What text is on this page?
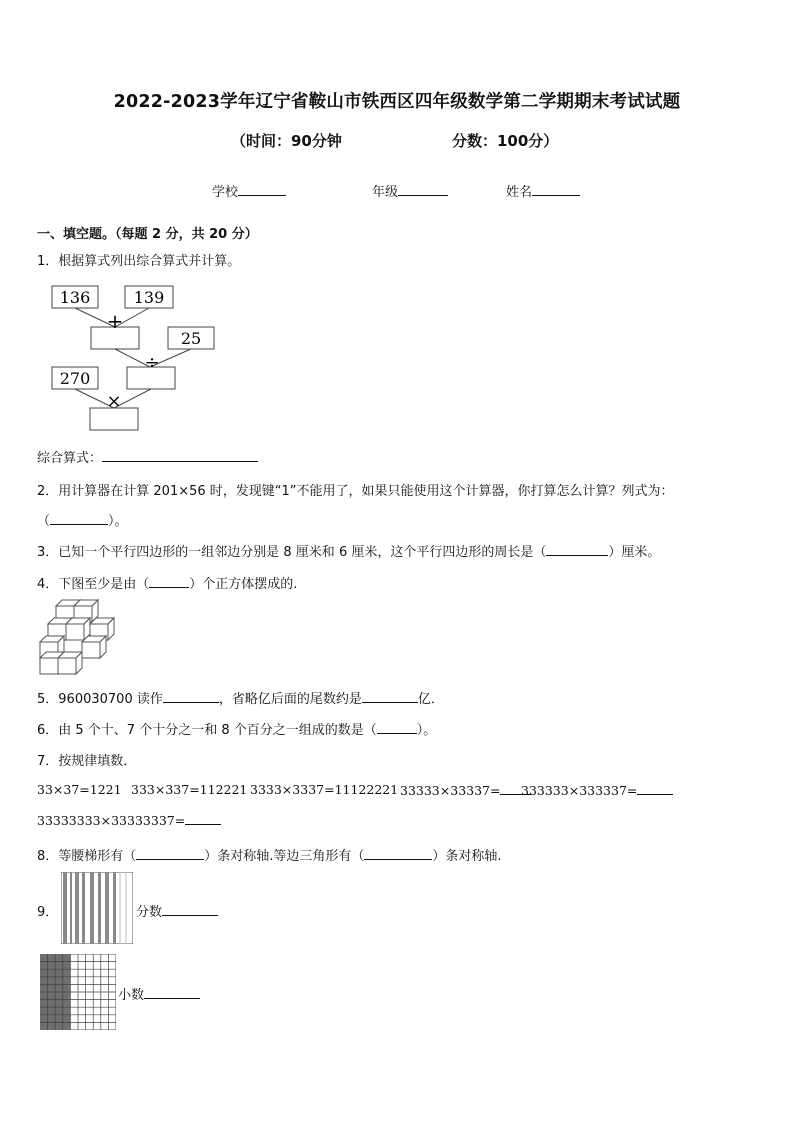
2022-2023学年辽宁省鞍山市铁西区四年级数学第二学期期末考试试题
（时间：90分钟	分数：100分）
学校	年级	姓名
一、填空题。（每题 2 分，共 20 分）
1．根据算式列出综合算式并计算。
136	139
+
25
÷
270
×
综合算式：
2．用计算器在计算 201×56 时，发现键“1”不能用了，如果只能使用这个计算器，你打算怎么计算？列式为：
（	）。
3．已知一个平行四边形的一组邻边分别是 8 厘米和 6 厘米，这个平行四边形的周长是（	）厘米。
4．下图至少是由（	）个正方体摆成的.
5．960030700 读作	，省略亿后面的尾数约是	亿．
6．由 5 个十、7 个十分之一和 8 个百分之一组成的数是（	）。
7．按规律填数．
33×37=1221 333×337=112221 3333×3337=11122221 33333×33337=	333333×333337=
33333333×33333337=
8．等腰梯形有（	）条对称轴.等边三角形有（	）条对称轴.
9．	分数
小数
